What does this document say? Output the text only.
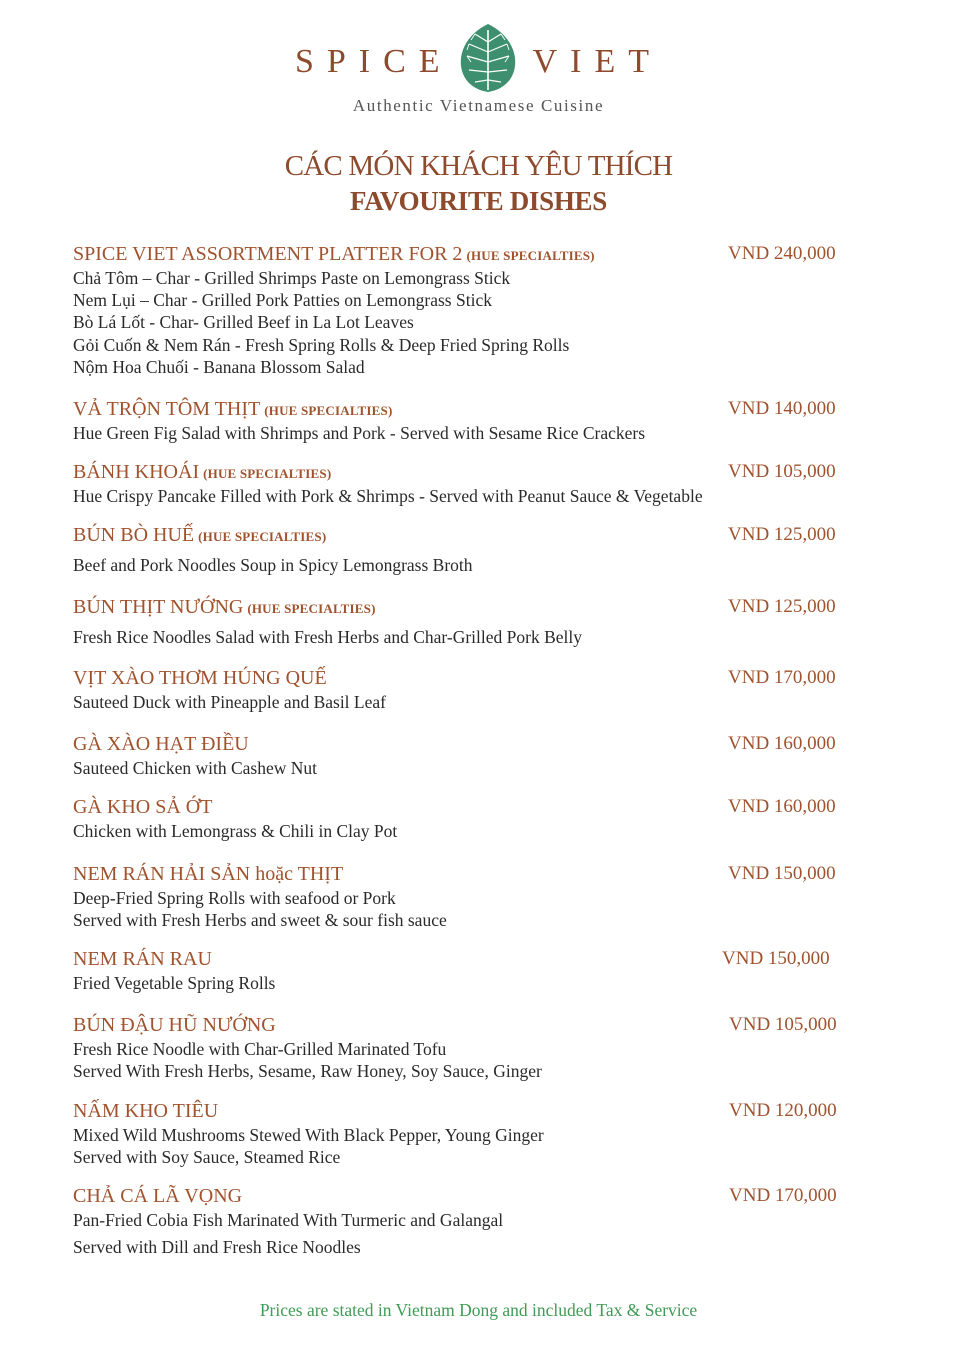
SPICE VIET
Authentic Vietnamese Cuisine
CÁC MÓN KHÁCH YÊU THÍCH
FAVOURITE DISHES
SPICE VIET ASSORTMENT PLATTER FOR 2 (HUE SPECIALTIES)	VND 240,000
Chả Tôm – Char - Grilled Shrimps Paste on Lemongrass Stick
Nem Lụi – Char - Grilled Pork Patties on Lemongrass Stick
Bò Lá Lốt - Char- Grilled Beef in La Lot Leaves
Gỏi Cuốn & Nem Rán - Fresh Spring Rolls & Deep Fried Spring Rolls
Nộm Hoa Chuối - Banana Blossom Salad
VẢ TRỘN TÔM THỊT (HUE SPECIALTIES)	VND 140,000
Hue Green Fig Salad with Shrimps and Pork - Served with Sesame Rice Crackers
BÁNH KHOÁI (HUE SPECIALTIES)	VND 105,000
Hue Crispy Pancake Filled with Pork & Shrimps - Served with Peanut Sauce & Vegetable
BÚN BÒ HUẾ (HUE SPECIALTIES)	VND 125,000
Beef and Pork Noodles Soup in Spicy Lemongrass Broth
BÚN THỊT NƯỚNG (HUE SPECIALTIES)	VND 125,000
Fresh Rice Noodles Salad with Fresh Herbs and Char-Grilled Pork Belly
VỊT XÀO THƠM HÚNG QUẾ	VND 170,000
Sauteed Duck with Pineapple and Basil Leaf
GÀ XÀO HẠT ĐIỀU	VND 160,000
Sauteed Chicken with Cashew Nut
GÀ KHO SẢ ỚT	VND 160,000
Chicken with Lemongrass & Chili in Clay Pot
NEM RÁN HẢI SẢN hoặc THỊT	VND 150,000
Deep-Fried Spring Rolls with seafood or Pork
Served with Fresh Herbs and sweet & sour fish sauce
NEM RÁN RAU	VND 150,000
Fried Vegetable Spring Rolls
BÚN ĐẬU HŨ NƯỚNG	VND 105,000
Fresh Rice Noodle with Char-Grilled Marinated Tofu
Served With Fresh Herbs, Sesame, Raw Honey, Soy Sauce, Ginger
NẤM KHO TIÊU	VND 120,000
Mixed Wild Mushrooms Stewed With Black Pepper, Young Ginger
Served with Soy Sauce, Steamed Rice
CHẢ CÁ LÃ VỌNG	VND 170,000
Pan-Fried Cobia Fish Marinated With Turmeric and Galangal
Served with Dill and Fresh Rice Noodles
Prices are stated in Vietnam Dong and included Tax & Service
